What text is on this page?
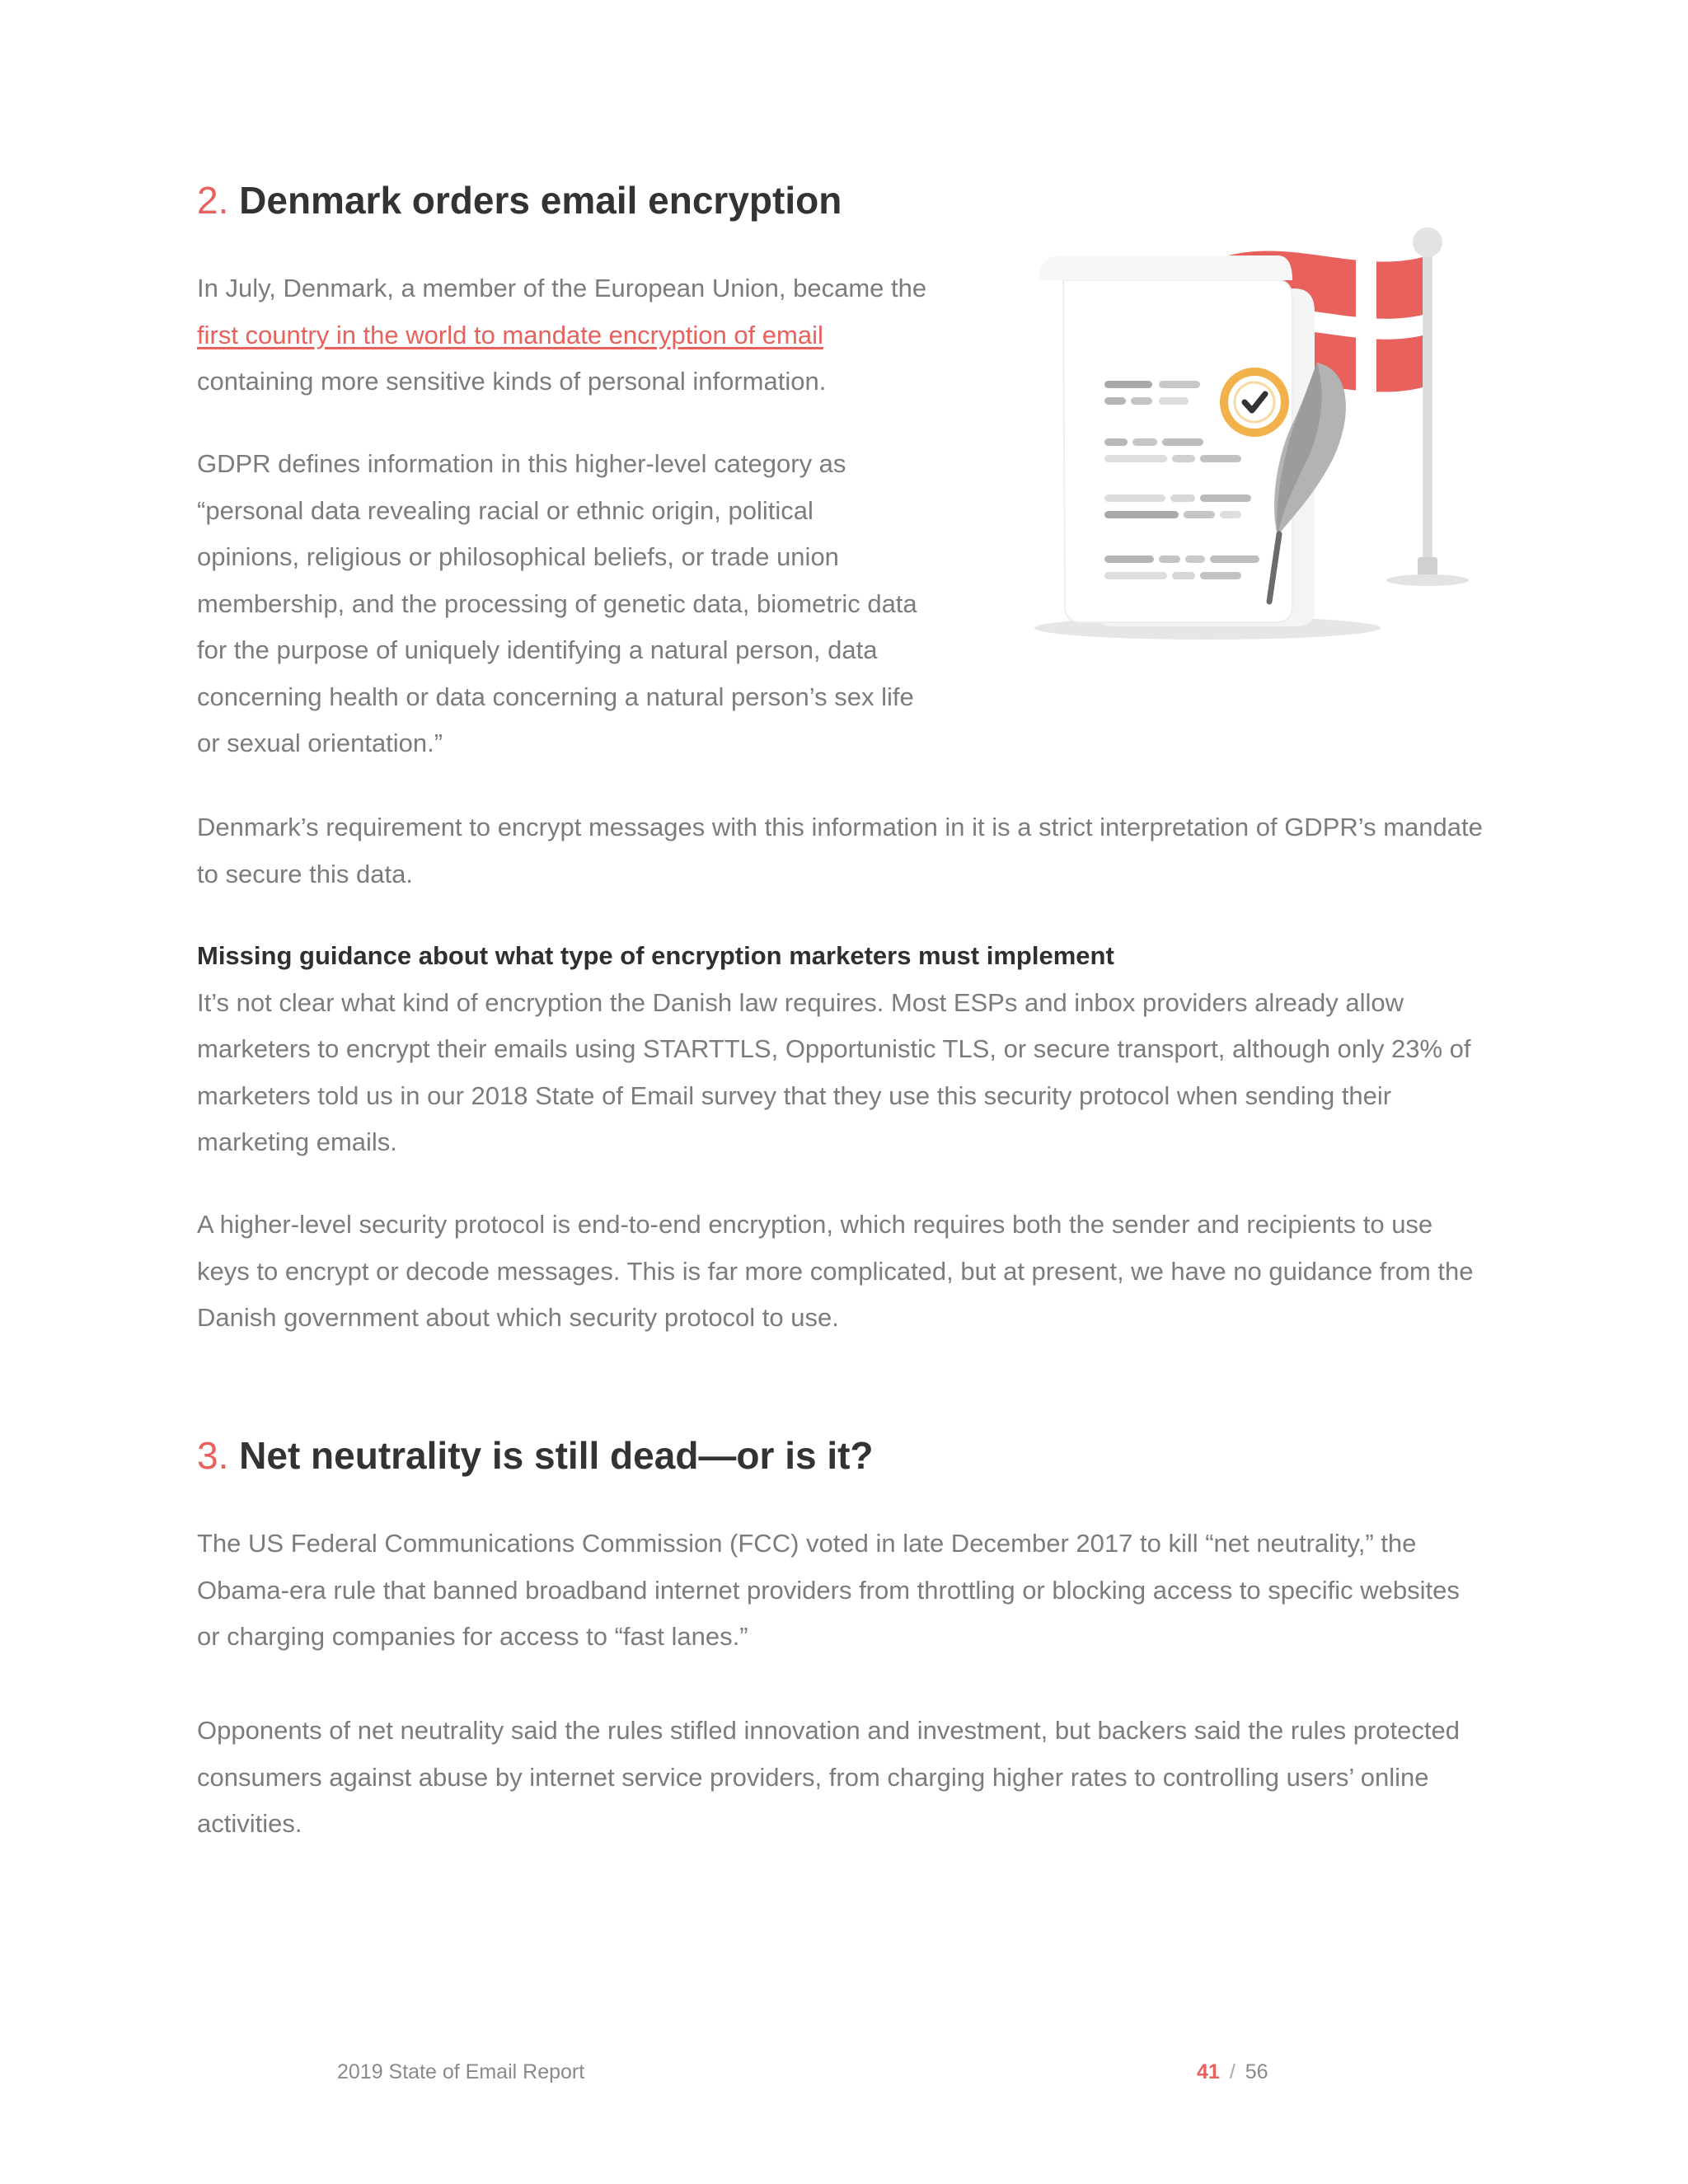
2. Denmark orders email encryption

In July, Denmark, a member of the European Union, became the first country in the world to mandate encryption of email containing more sensitive kinds of personal information.

GDPR defines information in this higher-level category as “personal data revealing racial or ethnic origin, political opinions, religious or philosophical beliefs, or trade union membership, and the processing of genetic data, biometric data for the purpose of uniquely identifying a natural person, data concerning health or data concerning a natural person’s sex life or sexual orientation.”

Denmark’s requirement to encrypt messages with this information in it is a strict interpretation of GDPR’s mandate to secure this data.

Missing guidance about what type of encryption marketers must implement
It’s not clear what kind of encryption the Danish law requires. Most ESPs and inbox providers already allow marketers to encrypt their emails using STARTTLS, Opportunistic TLS, or secure transport, although only 23% of marketers told us in our 2018 State of Email survey that they use this security protocol when sending their marketing emails.

A higher-level security protocol is end-to-end encryption, which requires both the sender and recipients to use keys to encrypt or decode messages. This is far more complicated, but at present, we have no guidance from the Danish government about which security protocol to use.

3. Net neutrality is still dead—or is it?

The US Federal Communications Commission (FCC) voted in late December 2017 to kill “net neutrality,” the Obama-era rule that banned broadband internet providers from throttling or blocking access to specific websites or charging companies for access to “fast lanes.”

Opponents of net neutrality said the rules stifled innovation and investment, but backers said the rules protected consumers against abuse by internet service providers, from charging higher rates to controlling users’ online activities.

2019 State of Email Report	41 / 56
